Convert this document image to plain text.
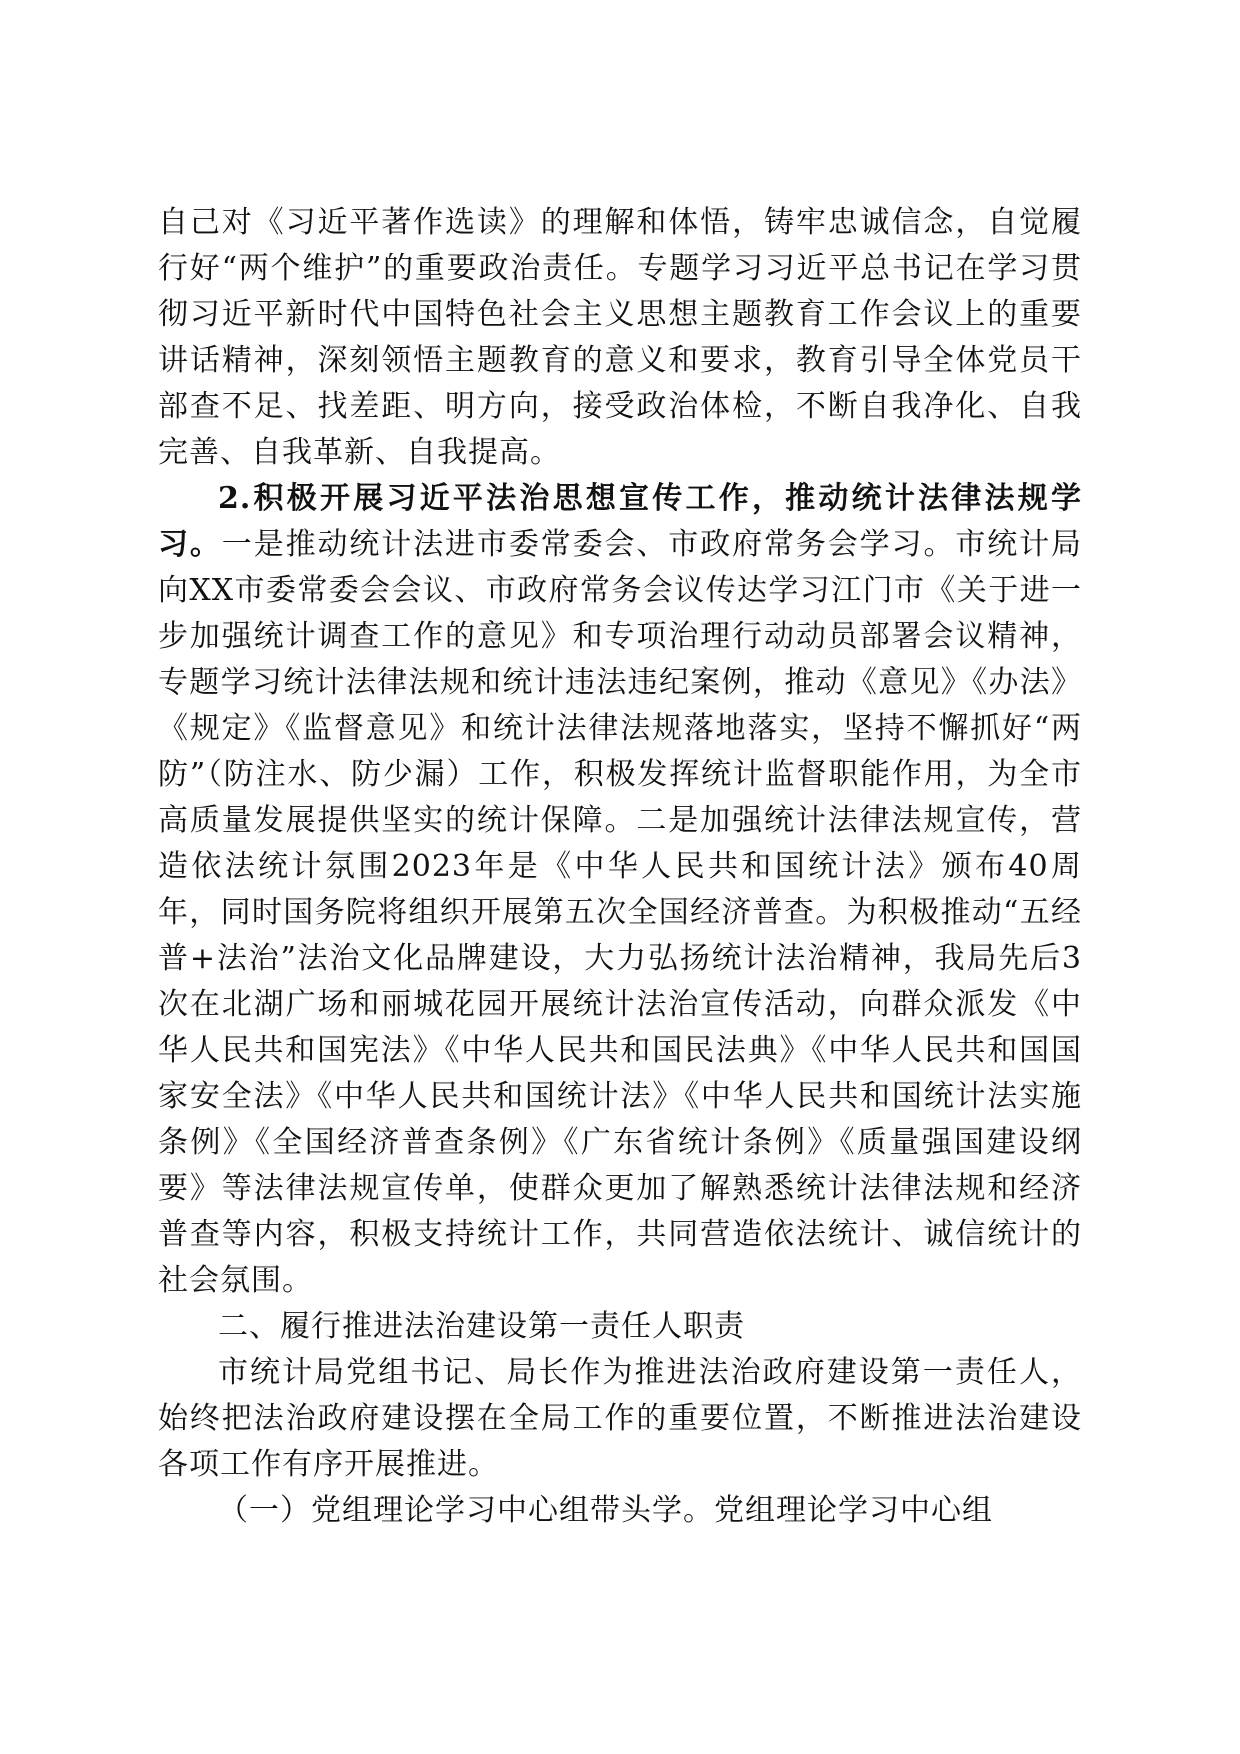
自己对《习近平著作选读》的理解和体悟，铸牢忠诚信念，自觉履行好“两个维护”的重要政治责任。专题学习习近平总书记在学习贯彻习近平新时代中国特色社会主义思想主题教育工作会议上的重要讲话精神，深刻领悟主题教育的意义和要求，教育引导全体党员干部查不足、找差距、明方向，接受政治体检，不断自我净化、自我完善、自我革新、自我提高。

2.积极开展习近平法治思想宣传工作，推动统计法律法规学习。一是推动统计法进市委常委会、市政府常务会学习。市统计局向XX市委常委会会议、市政府常务会议传达学习江门市《关于进一步加强统计调查工作的意见》和专项治理行动动员部署会议精神，专题学习统计法律法规和统计违法违纪案例，推动《意见》《办法》《规定》《监督意见》和统计法律法规落地落实，坚持不懈抓好“两防”（防注水、防少漏）工作，积极发挥统计监督职能作用，为全市高质量发展提供坚实的统计保障。二是加强统计法律法规宣传，营造依法统计氛围2023年是《中华人民共和国统计法》颁布40周年，同时国务院将组织开展第五次全国经济普查。为积极推动“五经普+法治”法治文化品牌建设，大力弘扬统计法治精神，我局先后3次在北湖广场和丽城花园开展统计法治宣传活动，向群众派发《中华人民共和国宪法》《中华人民共和国民法典》《中华人民共和国国家安全法》《中华人民共和国统计法》《中华人民共和国统计法实施条例》《全国经济普查条例》《广东省统计条例》《质量强国建设纲要》等法律法规宣传单，使群众更加了解熟悉统计法律法规和经济普查等内容，积极支持统计工作，共同营造依法统计、诚信统计的社会氛围。

二、履行推进法治建设第一责任人职责

市统计局党组书记、局长作为推进法治政府建设第一责任人，始终把法治政府建设摆在全局工作的重要位置，不断推进法治建设各项工作有序开展推进。

（一）党组理论学习中心组带头学。党组理论学习中心组
